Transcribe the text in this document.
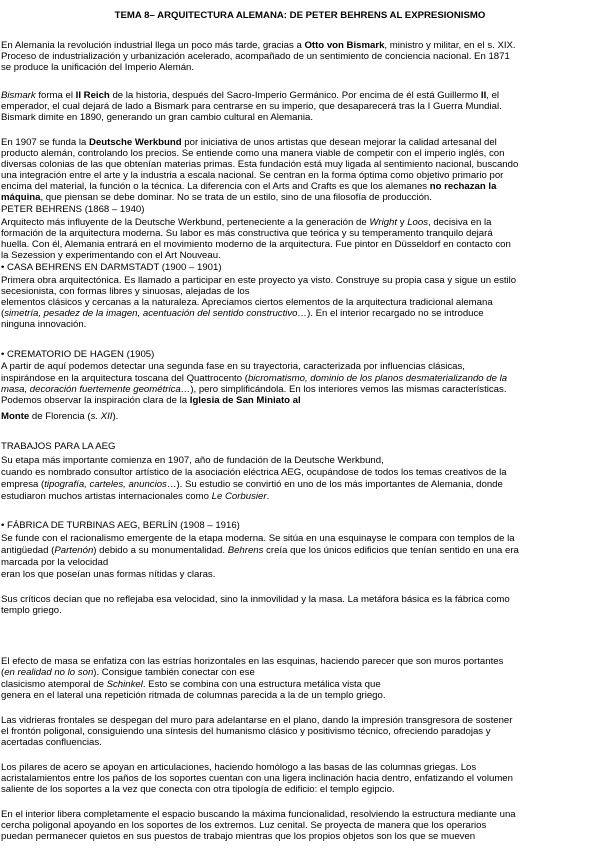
TEMA 8– ARQUITECTURA ALEMANA: DE PETER BEHRENS AL EXPRESIONISMO
En Alemania la revolución industrial llega un poco más tarde, gracias a Otto von Bismark, ministro y militar, en el s. XIX.
Proceso de industrialización y urbanización acelerado, acompañado de un sentimiento de conciencia nacional. En 1871
se produce la unificación del Imperio Alemán.
Bismark forma el II Reich de la historia, después del Sacro-Imperio Germánico. Por encima de él está Guillermo II, el
emperador, el cual dejará de lado a Bismark para centrarse en su imperio, que desaparecerá tras la I Guerra Mundial.
Bismark dimite en 1890, generando un gran cambio cultural en Alemania.
En 1907 se funda la Deutsche Werkbund por iniciativa de unos artistas que desean mejorar la calidad artesanal del
producto alemán, controlando los precios. Se entiende como una manera viable de competir con el imperio inglés, con
diversas colonias de las que obtenían materias primas. Esta fundación está muy ligada al sentimiento nacional, buscando
una integración entre el arte y la industria a escala nacional. Se centran en la forma óptima como objetivo primario por
encima del material, la función o la técnica. La diferencia con el Arts and Crafts es que los alemanes no rechazan la
máquina, que piensan se debe dominar. No se trata de un estilo, sino de una filosofía de producción.
PETER BEHRENS (1868 – 1940)
Arquitecto más influyente de la Deutsche Werkbund, perteneciente a la generación de Wright y Loos, decisiva en la
formación de la arquitectura moderna. Su labor es más constructiva que teórica y su temperamento tranquilo dejará
huella. Con él, Alemania entrará en el movimiento moderno de la arquitectura. Fue pintor en Düsseldorf en contacto con
la Sezession y experimentando con el Art Nouveau.
• CASA BEHRENS EN DARMSTADT (1900 – 1901)
Primera obra arquitectónica. Es llamado a participar en este proyecto ya visto. Construye su propia casa y sigue un estilo
secesionista, con formas libres y sinuosas, alejadas de los
elementos clásicos y cercanas a la naturaleza. Apreciamos ciertos elementos de la arquitectura tradicional alemana
(simetría, pesadez de la imagen, acentuación del sentido constructivo…). En el interior recargado no se introduce
ninguna innovación.
• CREMATORIO DE HAGEN (1905)
A partir de aquí podemos detectar una segunda fase en su trayectoria, caracterizada por influencias clásicas,
inspirándose en la arquitectura toscana del Quattrocento (bicromatismo, dominio de los planos desmaterializando de la
masa, decoración fuertemente geométrica…), pero simplificándola. En los interiores vemos las mismas características.
Podemos observar la inspiración clara de la Iglesia de San Miniato al
Monte de Florencia (s. XII).
TRABAJOS PARA LA AEG
Su etapa más importante comienza en 1907, año de fundación de la Deutsche Werkbund,
cuando es nombrado consultor artístico de la asociación eléctrica AEG, ocupándose de todos los temas creativos de la
empresa (tipografía, carteles, anuncios…). Su estudio se convirtió en uno de los más importantes de Alemania, donde
estudiaron muchos artistas internacionales como Le Corbusier.
• FÁBRICA DE TURBINAS AEG, BERLÍN (1908 – 1916)
Se funde con el racionalismo emergente de la etapa moderna. Se sitúa en una esquinayse le compara con templos de la
antigüedad (Partenón) debido a su monumentalidad. Behrens creía que los únicos edificios que tenían sentido en una era
marcada por la velocidad
eran los que poseían unas formas nítidas y claras.
Sus críticos decían que no reflejaba esa velocidad, sino la inmovilidad y la masa. La metáfora básica es la fábrica como
templo griego.
El efecto de masa se enfatiza con las estrías horizontales en las esquinas, haciendo parecer que son muros portantes
(en realidad no lo son). Consigue también conectar con ese
clasicismo atemporal de Schinkel. Esto se combina con una estructura metálica vista que
genera en el lateral una repetición ritmada de columnas parecida a la de un templo griego.
Las vidrieras frontales se despegan del muro para adelantarse en el plano, dando la impresión transgresora de sostener
el frontón poligonal, consiguiendo una síntesis del humanismo clásico y positivismo técnico, ofreciendo paradojas y
acertadas confluencias.
Los pilares de acero se apoyan en articulaciones, haciendo homólogo a las basas de las columnas griegas. Los
acristalamientos entre los paños de los soportes cuentan con una ligera inclinación hacia dentro, enfatizando el volumen
saliente de los soportes a la vez que conecta con otra tipología de edificio: el templo egipcio.
En el interior libera completamente el espacio buscando la máxima funcionalidad, resolviendo la estructura mediante una
cercha poligonal apoyando en los soportes de los extremos. Luz cenital. Se proyecta de manera que los operarios
puedan permanecer quietos en sus puestos de trabajo mientras que los propios objetos son los que se mueven
